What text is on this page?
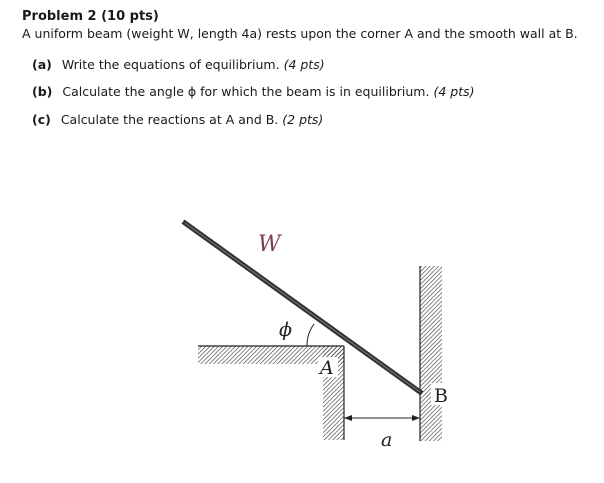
Problem 2 (10 pts)
A uniform beam (weight W, length 4a) rests upon the corner A and the smooth wall at B.
(a) Write the equations of equilibrium. (4 pts)
(b) Calculate the angle ϕ for which the beam is in equilibrium. (4 pts)
(c) Calculate the reactions at A and B. (2 pts)
W
ϕ
A
B
a
